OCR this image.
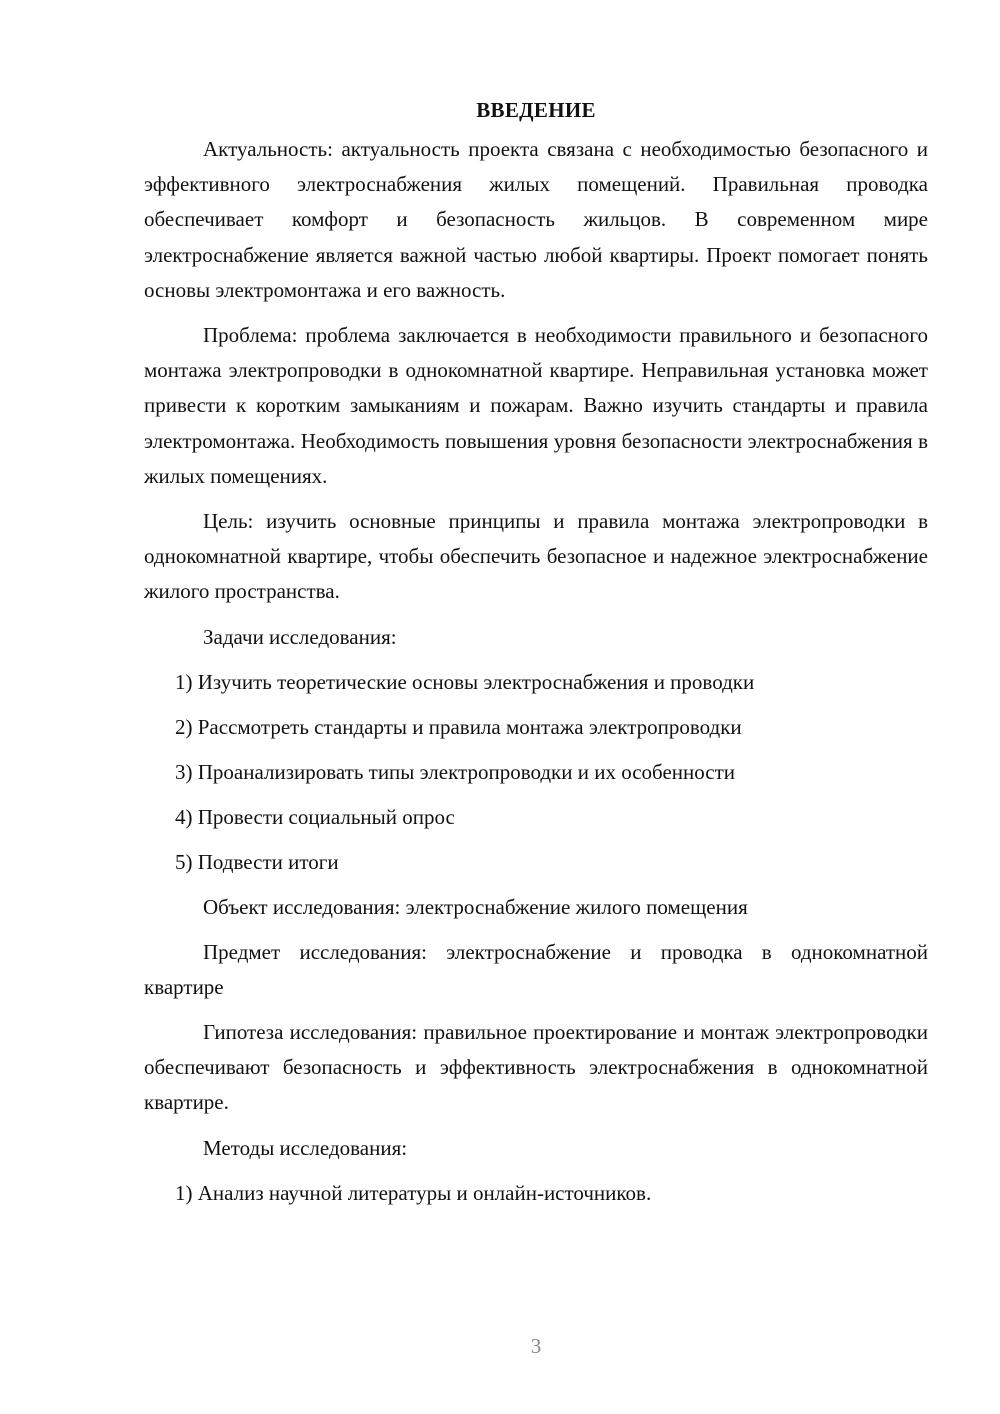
ВВЕДЕНИЕ

Актуальность: актуальность проекта связана с необходимостью безопасного и эффективного электроснабжения жилых помещений. Правильная проводка обеспечивает комфорт и безопасность жильцов. В современном мире электроснабжение является важной частью любой квартиры. Проект помогает понять основы электромонтажа и его важность.

Проблема: проблема заключается в необходимости правильного и безопасного монтажа электропроводки в однокомнатной квартире. Неправильная установка может привести к коротким замыканиям и пожарам. Важно изучить стандарты и правила электромонтажа. Необходимость повышения уровня безопасности электроснабжения в жилых помещениях.

Цель: изучить основные принципы и правила монтажа электропроводки в однокомнатной квартире, чтобы обеспечить безопасное и надежное электроснабжение жилого пространства.

Задачи исследования:
1) Изучить теоретические основы электроснабжения и проводки
2) Рассмотреть стандарты и правила монтажа электропроводки
3) Проанализировать типы электропроводки и их особенности
4) Провести социальный опрос
5) Подвести итоги
Объект исследования: электроснабжение жилого помещения

Предмет исследования: электроснабжение и проводка в однокомнатной квартире

Гипотеза исследования: правильное проектирование и монтаж электропроводки обеспечивают безопасность и эффективность электроснабжения в однокомнатной квартире.

Методы исследования:
1) Анализ научной литературы и онлайн-источников.
3
